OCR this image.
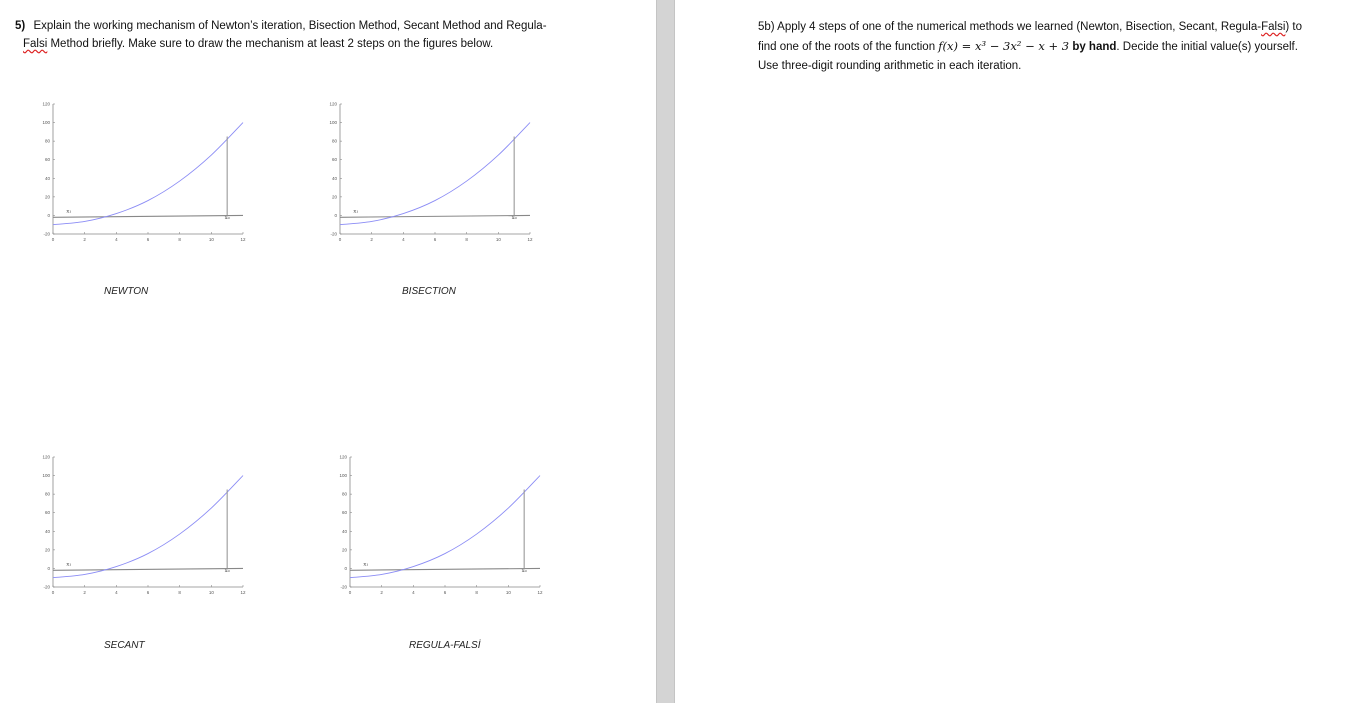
5) Explain the working mechanism of Newton’s iteration, Bisection Method, Secant Method and Regula-
Falsi Method briefly. Make sure to draw the mechanism at least 2 steps on the figures below.
5b) Apply 4 steps of one of the numerical methods we learned (Newton, Bisection, Secant, Regula-Falsi) to find one of the roots of the function f(x) = x³ − 3x² − x + 3 by hand. Decide the initial value(s) yourself. Use three-digit rounding arithmetic in each iteration.
-20
0
20
40
60
80
100
120
0	2	4	6	8	10	12
x₁
x₀
NEWTON
-20
0
20
40
60
80
100
120
0	2	4	6	8	10	12
x₁
x₀
BISECTION
-20
0
20
40
60
80
100
120
0	2	4	6	8	10	12
x₁
x₀
SECANT
-20
0
20
40
60
80
100
120
0	2	4	6	8	10	12
x₁
x₀
REGULA-FALSİ
